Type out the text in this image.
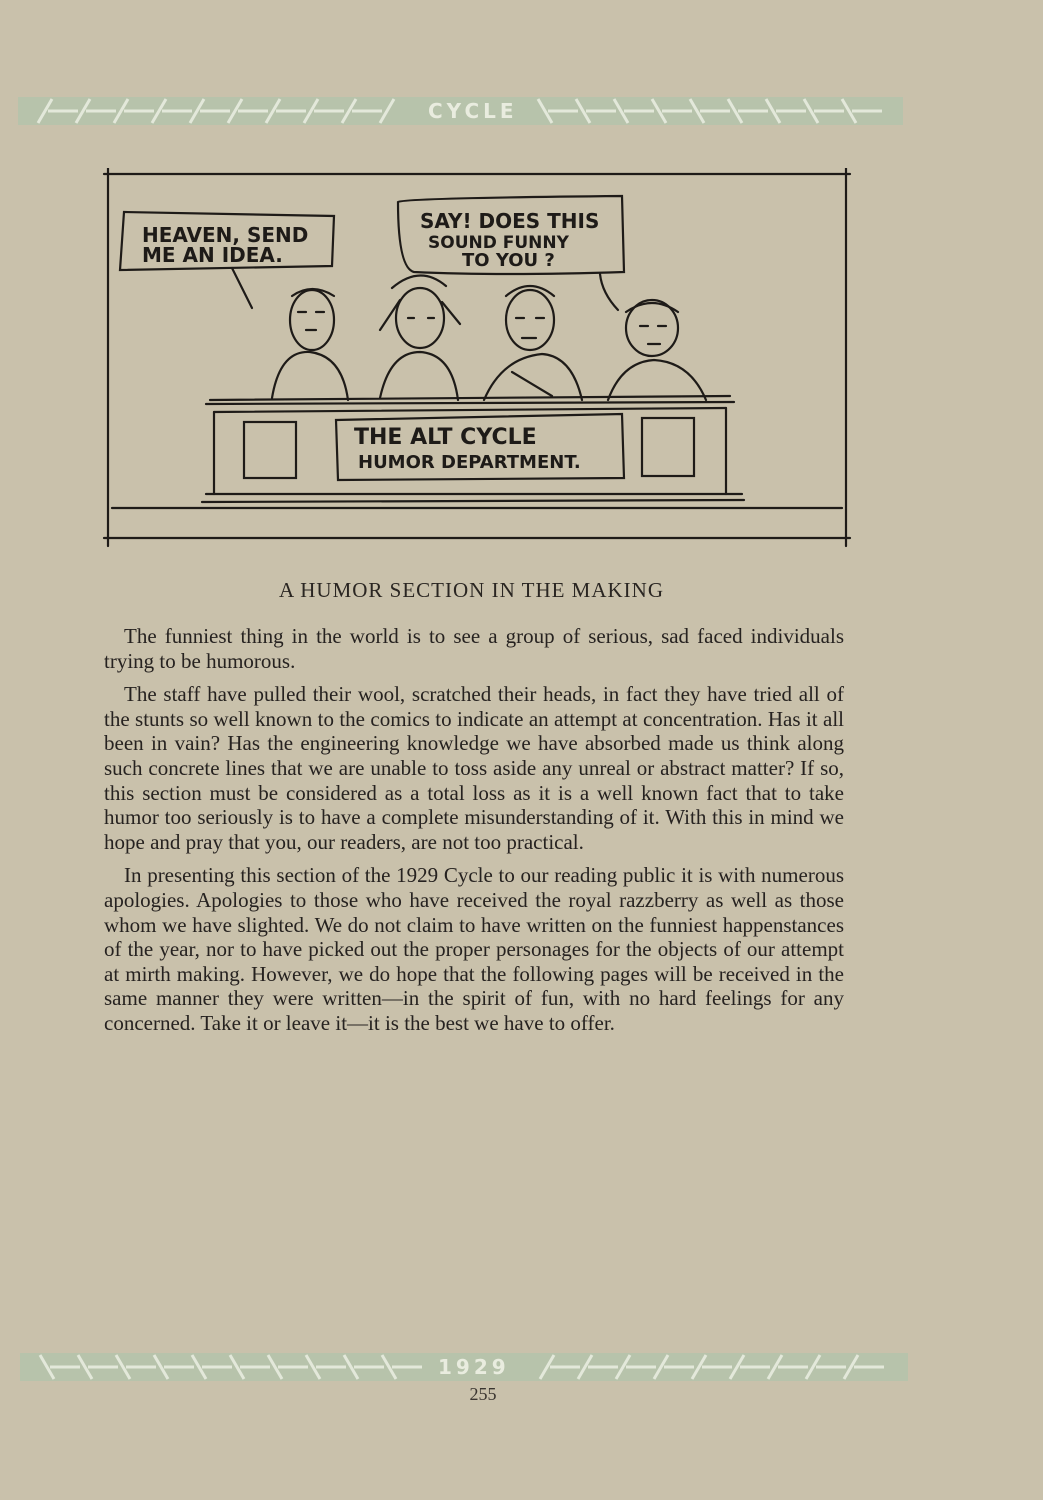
CYCLE
HEAVEN, SEND
ME AN IDEA.
SAY! DOES THIS
SOUND FUNNY
TO YOU ?
THE ALT CYCLE
HUMOR DEPARTMENT.
A HUMOR SECTION IN THE MAKING

The funniest thing in the world is to see a group of serious, sad faced individuals trying to be humorous.

The staff have pulled their wool, scratched their heads, in fact they have tried all of the stunts so well known to the comics to indicate an attempt at concentration. Has it all been in vain? Has the engineering knowledge we have absorbed made us think along such concrete lines that we are unable to toss aside any unreal or abstract matter? If so, this section must be considered as a total loss as it is a well known fact that to take humor too seriously is to have a complete misunderstanding of it. With this in mind we hope and pray that you, our readers, are not too practical.

In presenting this section of the 1929 Cycle to our reading public it is with numerous apologies. Apologies to those who have received the royal razzberry as well as those whom we have slighted. We do not claim to have written on the funniest happenstances of the year, nor to have picked out the proper personages for the objects of our attempt at mirth making. However, we do hope that the following pages will be received in the same manner they were written—in the spirit of fun, with no hard feelings for any concerned. Take it or leave it—it is the best we have to offer.

1929
255
